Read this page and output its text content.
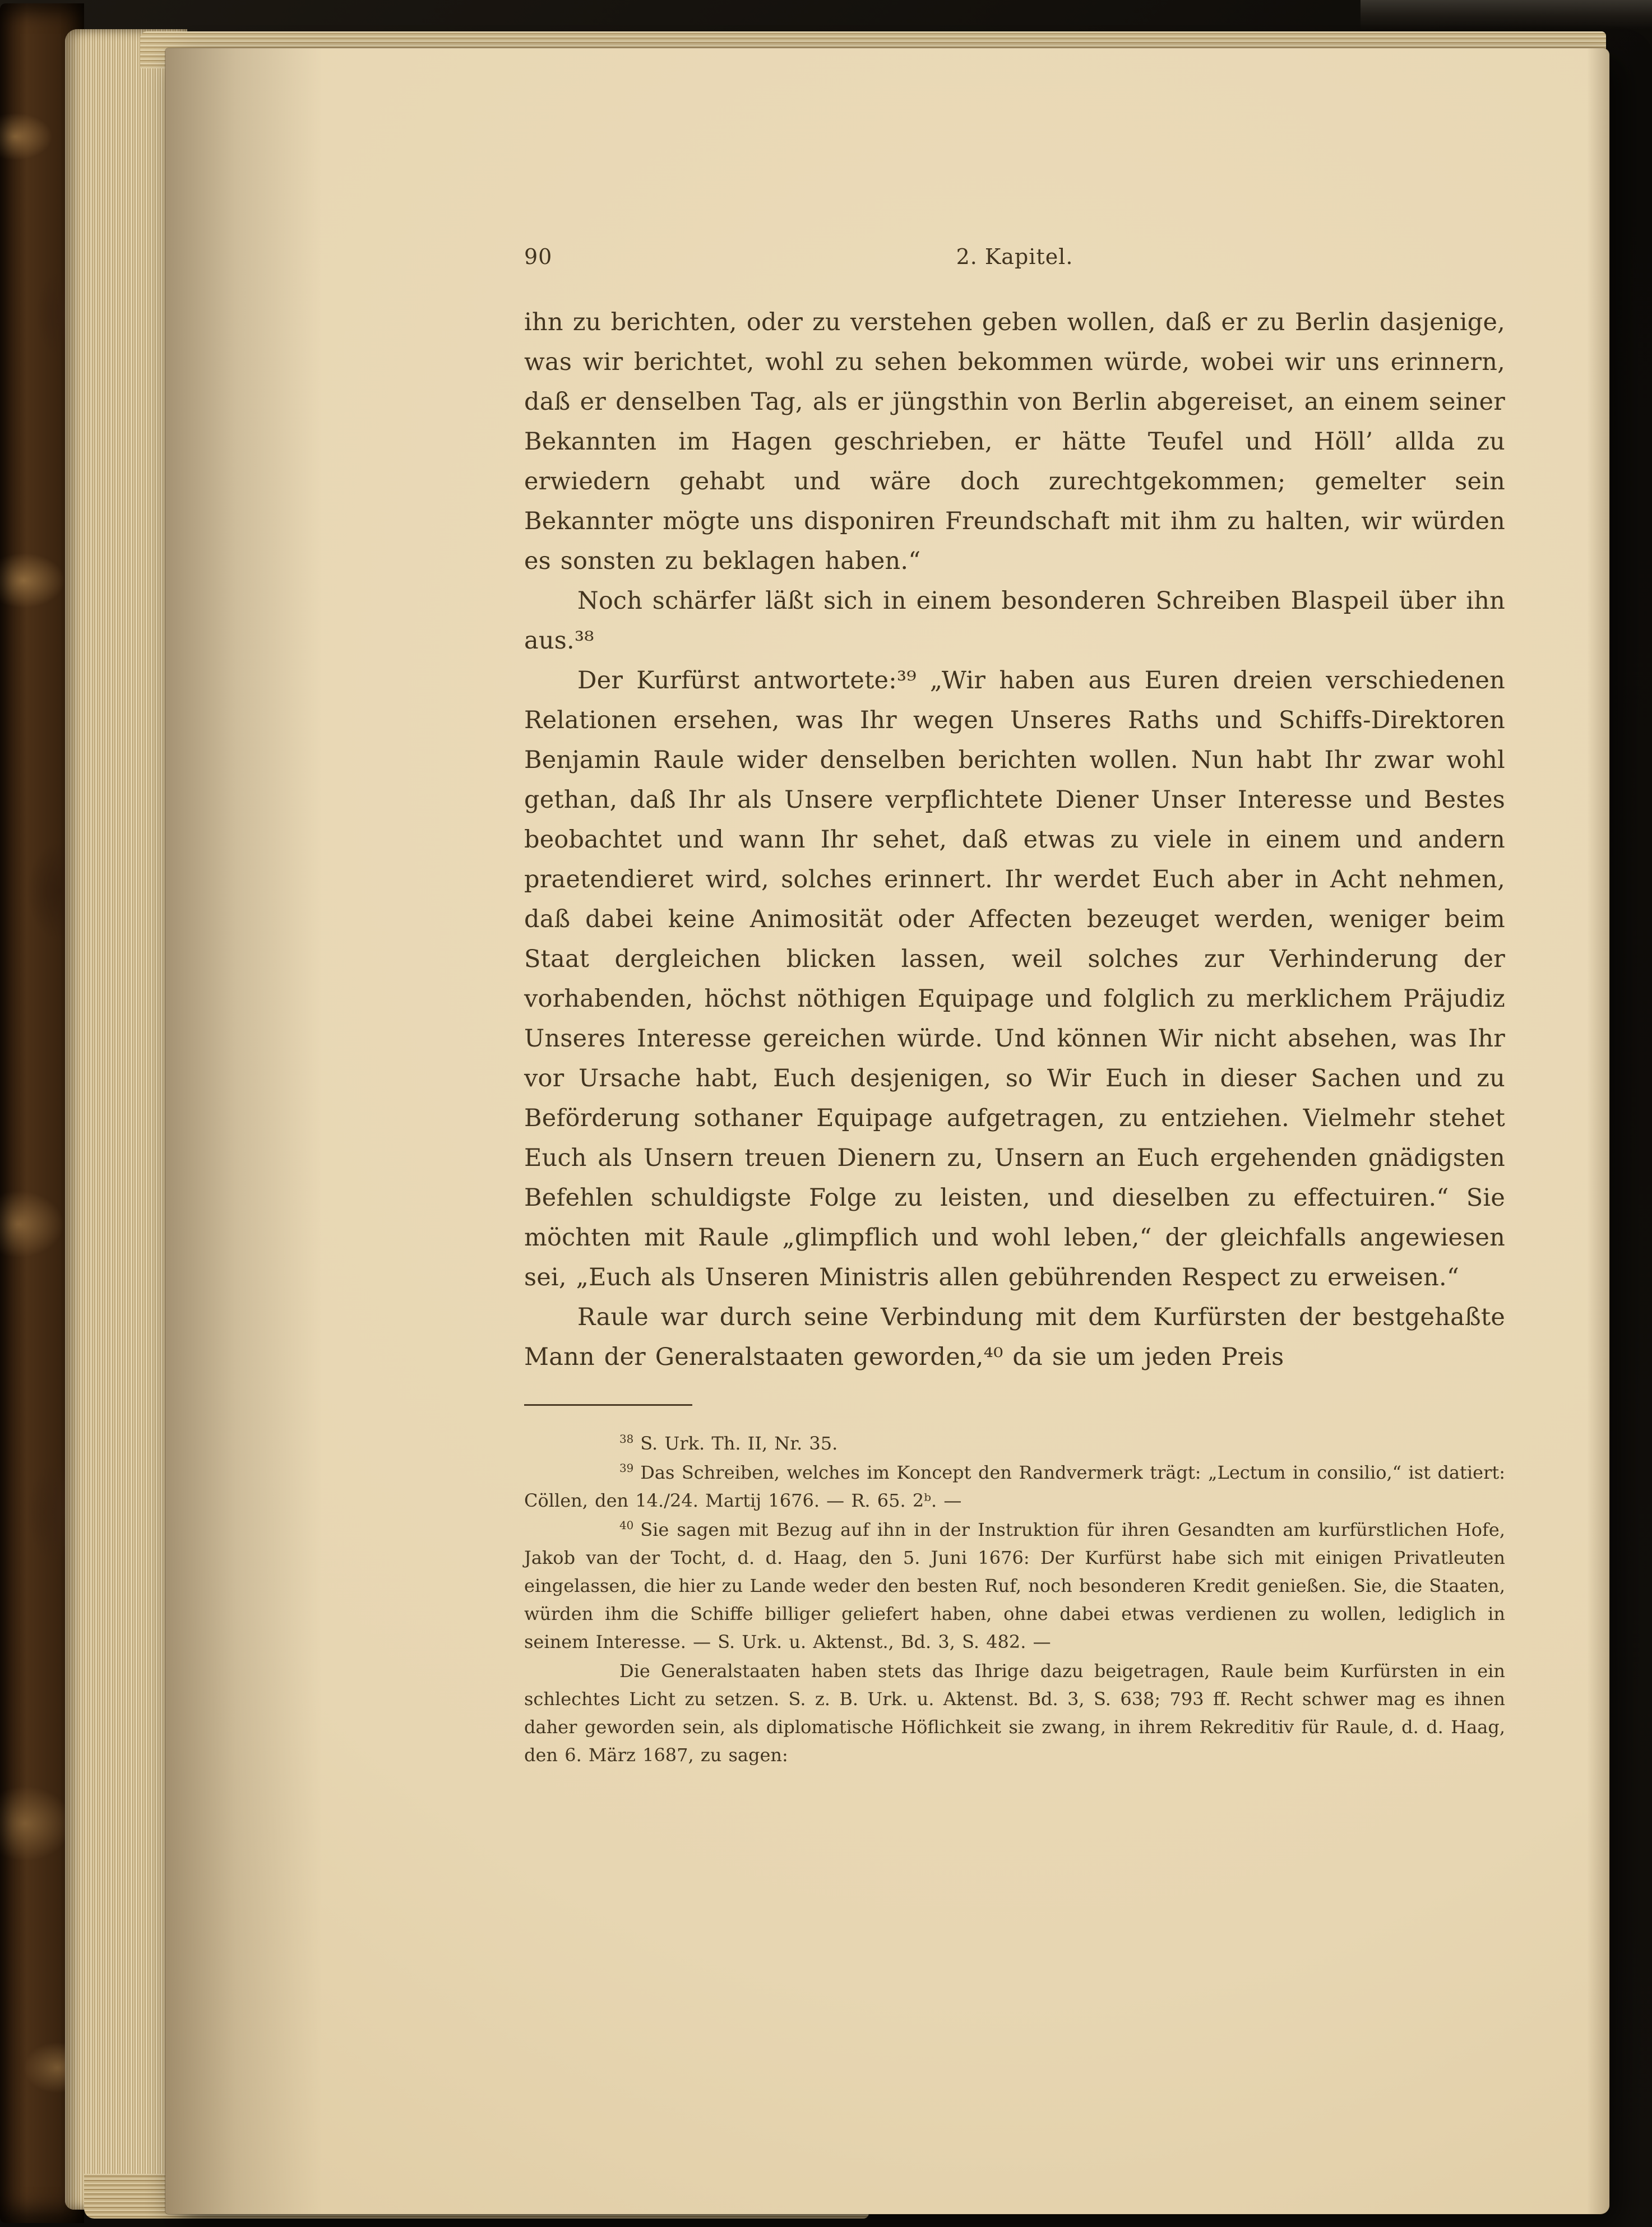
90	2. Kapitel.

ihn zu berichten, oder zu verstehen geben wollen, daß er zu Berlin dasjenige, was wir berichtet, wohl zu sehen bekommen würde, wobei wir uns erinnern, daß er denselben Tag, als er jüngsthin von Berlin abgereiset, an einem seiner Bekannten im Hagen geschrieben, er hätte Teufel und Höll’ allda zu erwiedern gehabt und wäre doch zurechtgekommen; gemelter sein Bekannter mögte uns disponiren Freundschaft mit ihm zu halten, wir würden es sonsten zu beklagen haben.“

Noch schärfer läßt sich in einem besonderen Schreiben Blaspeil über ihn aus.³⁸

Der Kurfürst antwortete:³⁹ „Wir haben aus Euren dreien verschiedenen Relationen ersehen, was Ihr wegen Unseres Raths und Schiffs-Direktoren Benjamin Raule wider denselben berichten wollen. Nun habt Ihr zwar wohl gethan, daß Ihr als Unsere verpflichtete Diener Unser Interesse und Bestes beobachtet und wann Ihr sehet, daß etwas zu viele in einem und andern praetendieret wird, solches erinnert. Ihr werdet Euch aber in Acht nehmen, daß dabei keine Animosität oder Affecten bezeuget werden, weniger beim Staat dergleichen blicken lassen, weil solches zur Verhinderung der vorhabenden, höchst nöthigen Equipage und folglich zu merklichem Präjudiz Unseres Interesse gereichen würde. Und können Wir nicht absehen, was Ihr vor Ursache habt, Euch desjenigen, so Wir Euch in dieser Sachen und zu Beförderung sothaner Equipage aufgetragen, zu entziehen. Vielmehr stehet Euch als Unsern treuen Dienern zu, Unsern an Euch ergehenden gnädigsten Befehlen schuldigste Folge zu leisten, und dieselben zu effectuiren.“ Sie möchten mit Raule „glimpflich und wohl leben,“ der gleichfalls angewiesen sei, „Euch als Unseren Ministris allen gebührenden Respect zu erweisen.“

Raule war durch seine Verbindung mit dem Kurfürsten der bestgehaßte Mann der Generalstaaten geworden,⁴⁰ da sie um jeden Preis

$^{38}$ S. Urk. Th. II, Nr. 35.

$^{39}$ Das Schreiben, welches im Koncept den Randvermerk trägt: „Lectum in consilio,“ ist datiert: Cöllen, den 14./24. Martij 1676. — R. 65. 2ᵇ. —

$^{40}$ Sie sagen mit Bezug auf ihn in der Instruktion für ihren Gesandten am kurfürstlichen Hofe, Jakob van der Tocht, d. d. Haag, den 5. Juni 1676: Der Kurfürst habe sich mit einigen Privatleuten eingelassen, die hier zu Lande weder den besten Ruf, noch besonderen Kredit genießen. Sie, die Staaten, würden ihm die Schiffe billiger geliefert haben, ohne dabei etwas verdienen zu wollen, lediglich in seinem Interesse. — S. Urk. u. Aktenst., Bd. 3, S. 482. —

Die Generalstaaten haben stets das Ihrige dazu beigetragen, Raule beim Kurfürsten in ein schlechtes Licht zu setzen. S. z. B. Urk. u. Aktenst. Bd. 3, S. 638; 793 ff. Recht schwer mag es ihnen daher geworden sein, als diplomatische Höflichkeit sie zwang, in ihrem Rekreditiv für Raule, d. d. Haag, den 6. März 1687, zu sagen:
